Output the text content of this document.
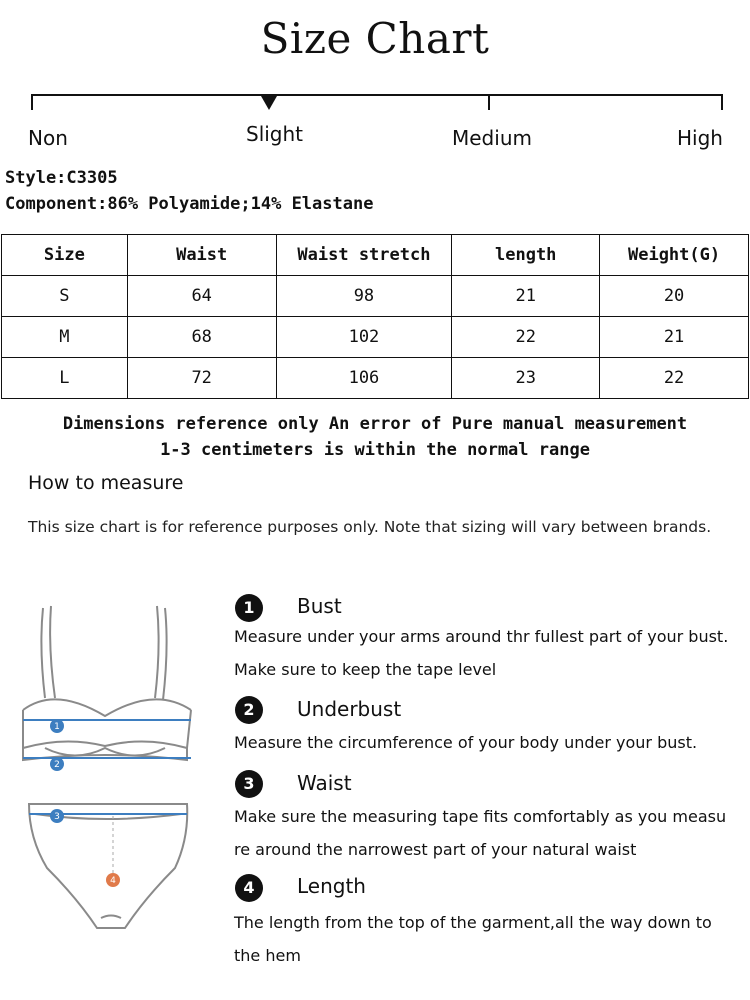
Size Chart
Non	Slight	Medium	High
Style:C3305
Component:86% Polyamide;14% Elastane
Size	Waist	Waist stretch	length	Weight(G)
S	64	98	21	20
M	68	102	22	21
L	72	106	23	22
Dimensions reference only An error of Pure manual measurement
1-3 centimeters is within the normal range
How to measure
This size chart is for reference purposes only. Note that sizing will vary between brands.
1
2
3
4
1	Bust
Measure under your arms around thr fullest part of your bust.
Make sure to keep the tape level
2	Underbust
Measure the circumference of your body under your bust.
3	Waist
Make sure the measuring tape fits comfortably as you measu
re around the narrowest part of your natural waist
4	Length
The length from the top of the garment,all the way down to
the hem
